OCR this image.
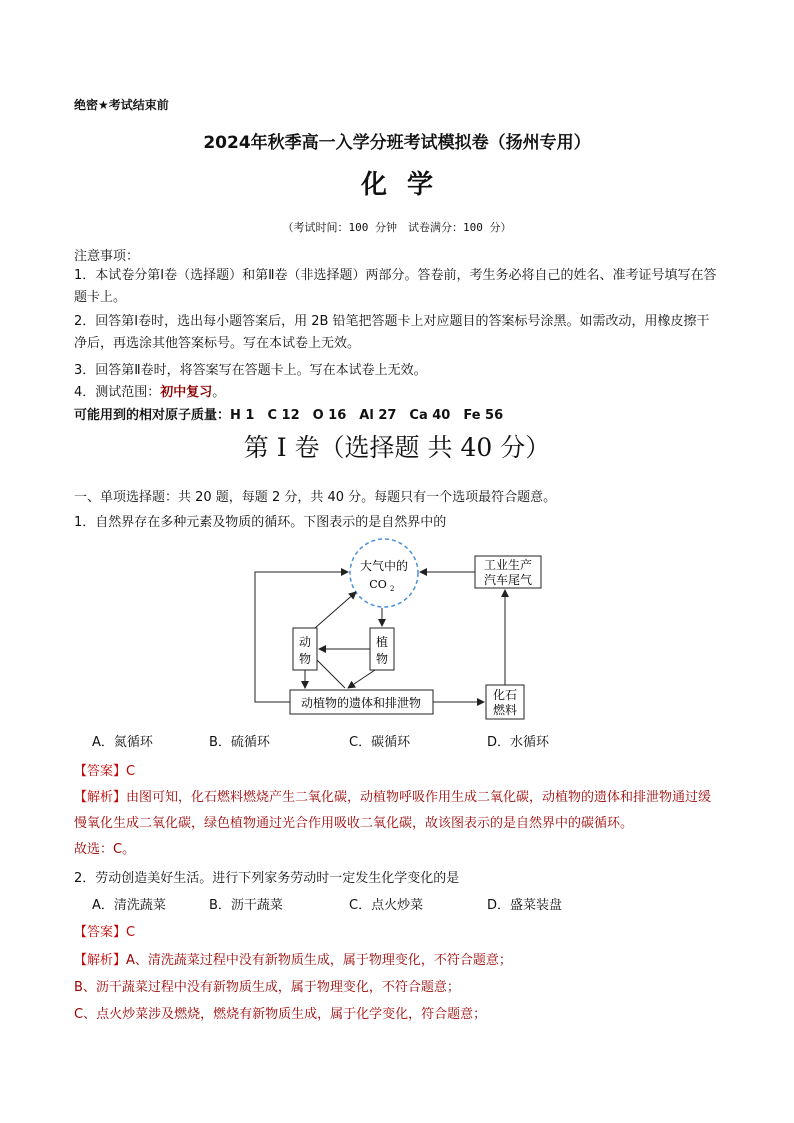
绝密★考试结束前
2024年秋季高一入学分班考试模拟卷（扬州专用）
化学
（考试时间：100 分钟　试卷满分：100 分）
注意事项：
1．本试卷分第Ⅰ卷（选择题）和第Ⅱ卷（非选择题）两部分。答卷前，考生务必将自己的姓名、准考证号填写在答题卡上。
2．回答第Ⅰ卷时，选出每小题答案后，用 2B 铅笔把答题卡上对应题目的答案标号涂黑。如需改动，用橡皮擦干净后，再选涂其他答案标号。写在本试卷上无效。
3．回答第Ⅱ卷时，将答案写在答题卡上。写在本试卷上无效。
4．测试范围：初中复习。
可能用到的相对原子质量：H 1　C 12　O 16　Al 27　Ca 40　Fe 56
第 I 卷（选择题 共 40 分）
一、单项选择题：共 20 题，每题 2 分，共 40 分。每题只有一个选项最符合题意。
1．自然界存在多种元素及物质的循环。下图表示的是自然界中的
大气中的
CO 2
工业生产
汽车尾气
动
物
植
物
动植物的遗体和排泄物
化石
燃料
A．氮循环	B．硫循环	C．碳循环	D．水循环
【答案】C
【解析】由图可知，化石燃料燃烧产生二氧化碳，动植物呼吸作用生成二氧化碳，动植物的遗体和排泄物通过缓慢氧化生成二氧化碳，绿色植物通过光合作用吸收二氧化碳，故该图表示的是自然界中的碳循环。
故选：C。
2．劳动创造美好生活。进行下列家务劳动时一定发生化学变化的是
A．清洗蔬菜	B．沥干蔬菜	C．点火炒菜	D．盛菜装盘
【答案】C
【解析】A、清洗蔬菜过程中没有新物质生成，属于物理变化，不符合题意；
B、沥干蔬菜过程中没有新物质生成，属于物理变化，不符合题意；
C、点火炒菜涉及燃烧，燃烧有新物质生成，属于化学变化，符合题意；
